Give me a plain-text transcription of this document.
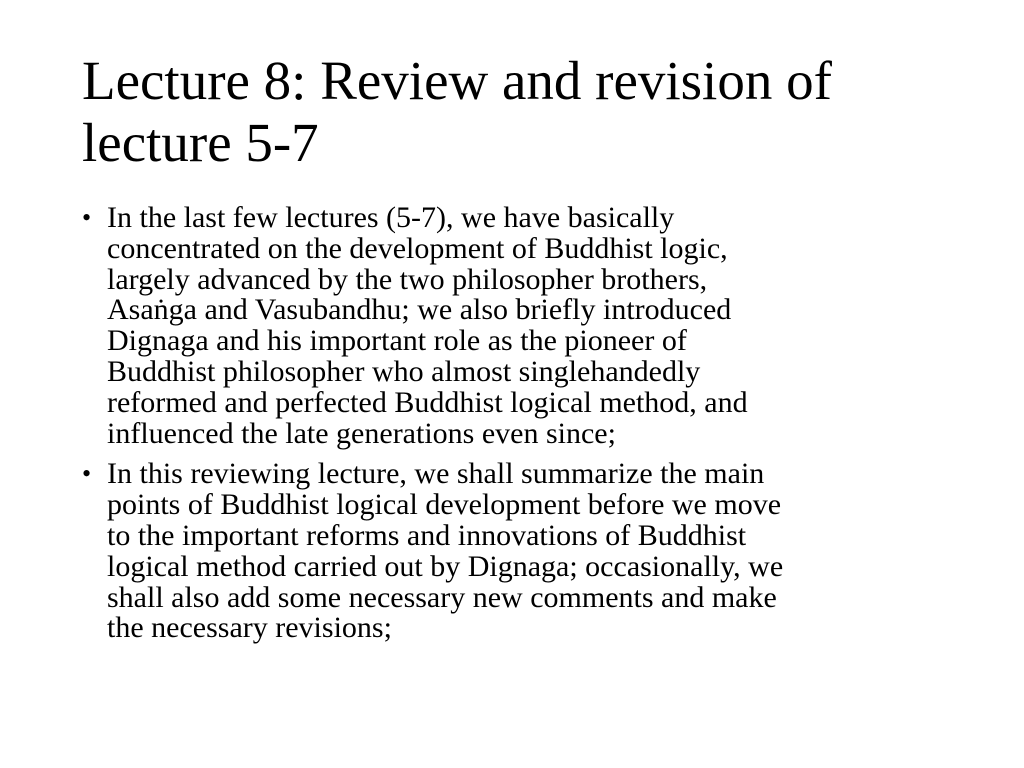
Lecture 8: Review and revision of
lecture 5-7
• In the last few lectures (5-7), we have basically
concentrated on the development of Buddhist logic,
largely advanced by the two philosopher brothers,
Asaṅga and Vasubandhu; we also briefly introduced
Dignaga and his important role as the pioneer of
Buddhist philosopher who almost singlehandedly
reformed and perfected Buddhist logical method, and
influenced the late generations even since;
• In this reviewing lecture, we shall summarize the main
points of Buddhist logical development before we move
to the important reforms and innovations of Buddhist
logical method carried out by Dignaga; occasionally, we
shall also add some necessary new comments and make
the necessary revisions;
